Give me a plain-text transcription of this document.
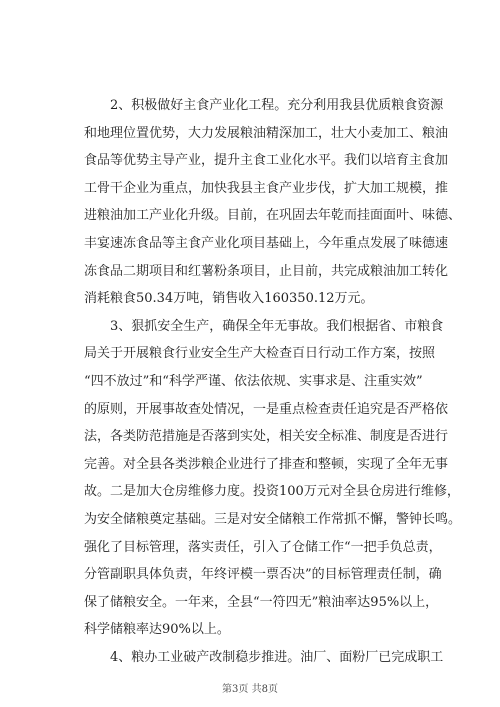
2、积极做好主食产业化工程。充分利用我县优质粮食资源
和地理位置优势，大力发展粮油精深加工，壮大小麦加工、粮油
食品等优势主导产业，提升主食工业化水平。我们以培育主食加
工骨干企业为重点，加快我县主食产业步伐，扩大加工规模，推
进粮油加工产业化升级。目前，在巩固去年乾而挂面面叶、味德、
丰宴速冻食品等主食产业化项目基础上，今年重点发展了味德速
冻食品二期项目和红薯粉条项目，止目前，共完成粮油加工转化
消耗粮食50.34万吨，销售收入160350.12万元。
3、狠抓安全生产，确保全年无事故。我们根据省、市粮食
局关于开展粮食行业安全生产大检查百日行动工作方案，按照
“四不放过”和“科学严谨、依法依规、实事求是、注重实效”
的原则，开展事故查处情况，一是重点检查责任追究是否严格依
法，各类防范措施是否落到实处，相关安全标准、制度是否进行
完善。对全县各类涉粮企业进行了排查和整顿，实现了全年无事
故。二是加大仓房维修力度。投资100万元对全县仓房进行维修，
为安全储粮奠定基础。三是对安全储粮工作常抓不懈，警钟长鸣。
强化了目标管理，落实责任，引入了仓储工作“一把手负总责，
分管副职具体负责，年终评模一票否决”的目标管理责任制，确
保了储粮安全。一年来，全县“一符四无”粮油率达95%以上，
科学储粮率达90%以上。
4、粮办工业破产改制稳步推进。油厂、面粉厂已完成职工
第3页 共8页
